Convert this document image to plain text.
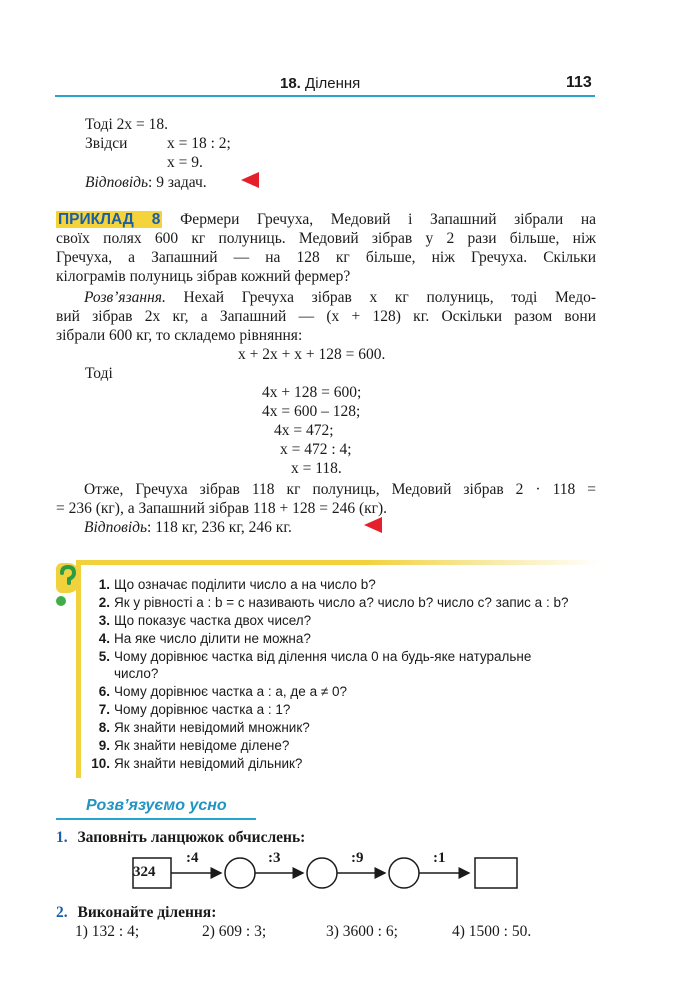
18. Ділення	113
Тоді 2x = 18.
Звідси	x = 18 : 2;
x = 9.
Відповідь: 9 задач.
ПРИКЛАД 8 Фермери Гречуха, Медовий і Запашний зібрали на
своїх полях 600 кг полуниць. Медовий зібрав у 2 рази більше, ніж
Гречуха, а Запашний — на 128 кг більше, ніж Гречуха. Скільки
кілограмів полуниць зібрав кожний фермер?
Розв’язання. Нехай Гречуха зібрав x кг полуниць, тоді Медо-
вий зібрав 2x кг, а Запашний — (x + 128) кг. Оскільки разом вони
зібрали 600 кг, то складемо рівняння:
x + 2x + x + 128 = 600.
Тоді
4x + 128 = 600;
4x = 600 – 128;
4x = 472;
x = 472 : 4;
x = 118.
Отже, Гречуха зібрав 118 кг полуниць, Медовий зібрав 2 · 118 =
= 236 (кг), а Запашний зібрав 118 + 128 = 246 (кг).
Відповідь: 118 кг, 236 кг, 246 кг.
1. Що означає поділити число a на число b?
2. Як у рівності a : b = c називають число a? число b? число c? запис a : b?
3. Що показує частка двох чисел?
4. На яке число ділити не можна?
5. Чому дорівнює частка від ділення числа 0 на будь-яке натуральне
число?
6. Чому дорівнює частка a : a, де a ≠ 0?
7. Чому дорівнює частка a : 1?
8. Як знайти невідомий множник?
9. Як знайти невідоме ділене?
10. Як знайти невідомий дільник?
Розв’язуємо усно
1. Заповніть ланцюжок обчислень:
324
:4	:3	:9	:1
2. Виконайте ділення:
1) 132 : 4;	2) 609 : 3;	3) 3600 : 6;	4) 1500 : 50.
